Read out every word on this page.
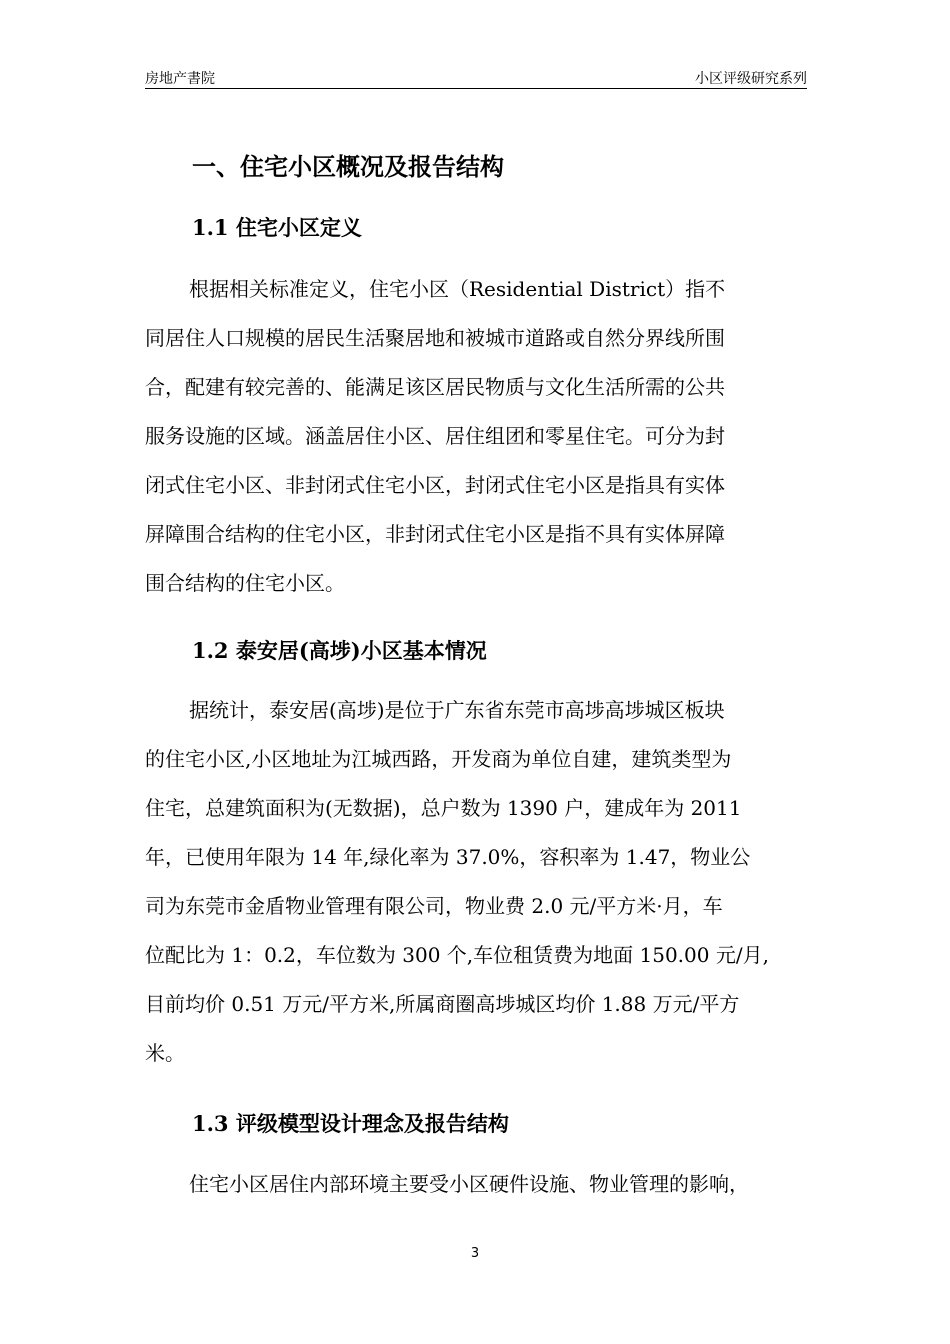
房地产書院	小区评级研究系列
一、住宅小区概况及报告结构
1.1 住宅小区定义

根据相关标准定义，住宅小区（Residential District）指不
同居住人口规模的居民生活聚居地和被城市道路或自然分界线所围
合，配建有较完善的、能满足该区居民物质与文化生活所需的公共
服务设施的区域。涵盖居住小区、居住组团和零星住宅。可分为封
闭式住宅小区、非封闭式住宅小区，封闭式住宅小区是指具有实体
屏障围合结构的住宅小区，非封闭式住宅小区是指不具有实体屏障
围合结构的住宅小区。

1.2 泰安居(高埗)小区基本情况

据统计，泰安居(高埗)是位于广东省东莞市高埗高埗城区板块
的住宅小区,小区地址为江城西路，开发商为单位自建，建筑类型为
住宅，总建筑面积为(无数据)，总户数为 1390 户，建成年为 2011
年，已使用年限为 14 年,绿化率为 37.0%，容积率为 1.47，物业公
司为东莞市金盾物业管理有限公司，物业费 2.0 元/平方米·月，车
位配比为 1：0.2，车位数为 300 个,车位租赁费为地面 150.00 元/月,
目前均价 0.51 万元/平方米,所属商圈高埗城区均价 1.88 万元/平方
米。

1.3 评级模型设计理念及报告结构

住宅小区居住内部环境主要受小区硬件设施、物业管理的影响，

3
